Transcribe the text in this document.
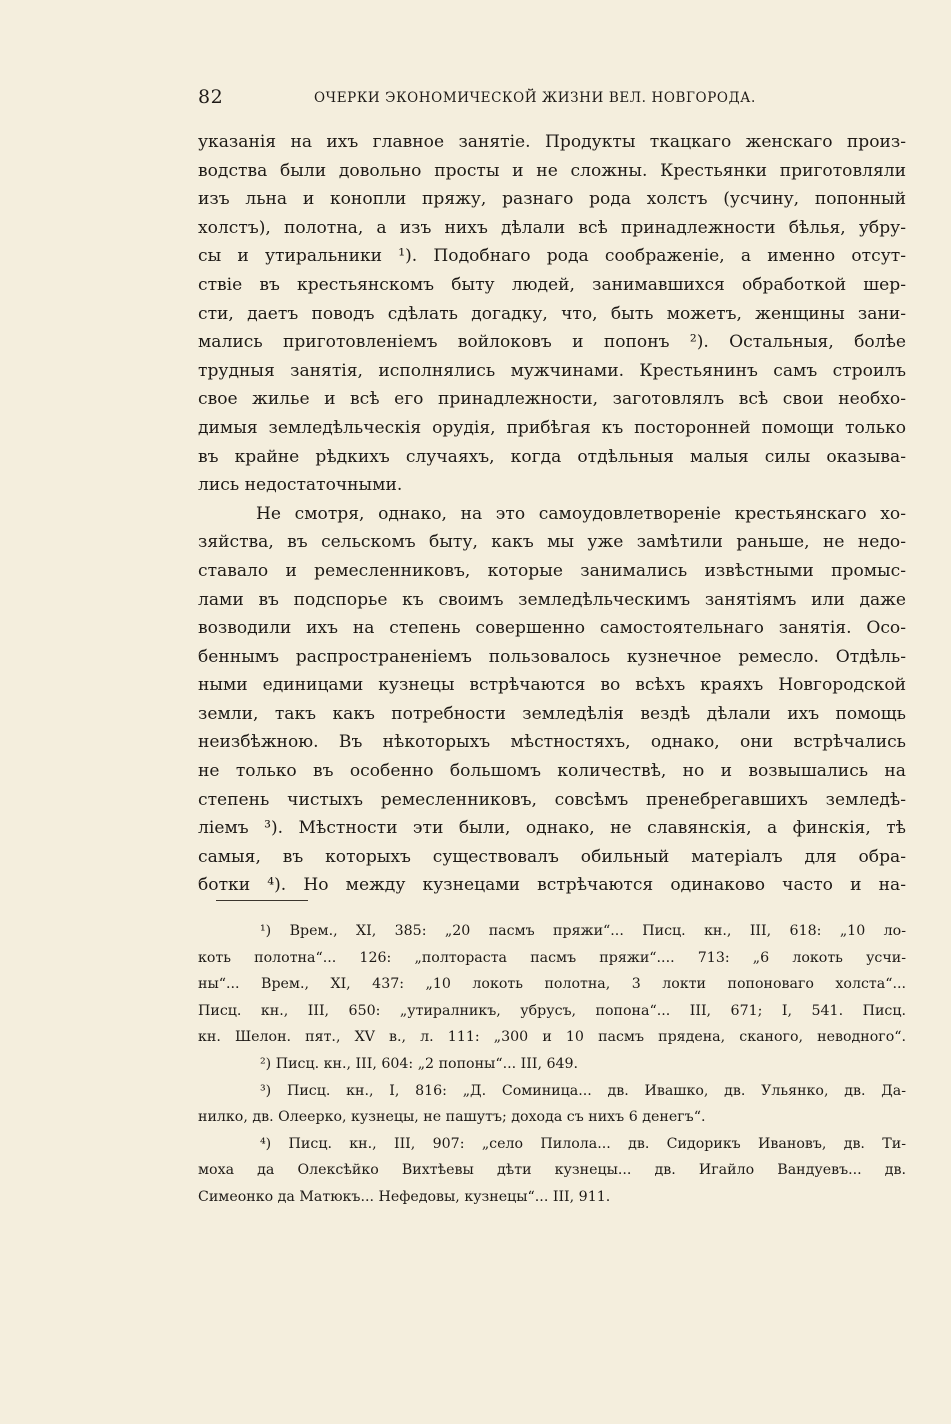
82	ОЧЕРКИ ЭКОНОМИЧЕСКОЙ ЖИЗНИ ВЕЛ. НОВГОРОДА.
указанія на ихъ главное занятіе. Продукты ткацкаго женскаго произ-
водства были довольно просты и не сложны. Крестьянки приготовляли
изъ льна и конопли пряжу, разнаго рода холстъ (усчину, попонный
холстъ), полотна, а изъ нихъ дѣлали всѣ принадлежности бѣлья, убру-
сы и утиральники ¹). Подобнаго рода соображеніе, а именно отсут-
ствіе въ крестьянскомъ быту людей, занимавшихся обработкой шер-
сти, даетъ поводъ сдѣлать догадку, что, быть можетъ, женщины зани-
мались приготовленіемъ войлоковъ и попонъ ²). Остальныя, болѣе
трудныя занятія, исполнялись мужчинами. Крестьянинъ самъ строилъ
свое жилье и всѣ его принадлежности, заготовлялъ всѣ свои необхо-
димыя земледѣльческія орудія, прибѣгая къ посторонней помощи только
въ крайне рѣдкихъ случаяхъ, когда отдѣльныя малыя силы оказыва-
лись недостаточными.
Не смотря, однако, на это самоудовлетвореніе крестьянскаго хо-
зяйства, въ сельскомъ быту, какъ мы уже замѣтили раньше, не недо-
ставало и ремесленниковъ, которые занимались извѣстными промыс-
лами въ подспорье къ своимъ земледѣльческимъ занятіямъ или даже
возводили ихъ на степень совершенно самостоятельнаго занятія. Осо-
беннымъ распространеніемъ пользовалось кузнечное ремесло. Отдѣль-
ными единицами кузнецы встрѣчаются во всѣхъ краяхъ Новгородской
земли, такъ какъ потребности земледѣлія вездѣ дѣлали ихъ помощь
неизбѣжною. Въ нѣкоторыхъ мѣстностяхъ, однако, они встрѣчались
не только въ особенно большомъ количествѣ, но и возвышались на
степень чистыхъ ремесленниковъ, совсѣмъ пренебрегавшихъ земледѣ-
ліемъ ³). Мѣстности эти были, однако, не славянскія, а финскія, тѣ
самыя, въ которыхъ существовалъ обильный матеріалъ для обра-
ботки ⁴). Но между кузнецами встрѣчаются одинаково часто и на-
¹) Врем., XI, 385: „20 пасмъ пряжи“... Писц. кн., III, 618: „10 ло-
коть полотна“... 126: „полтораста пасмъ пряжи“.... 713: „6 локоть усчи-
ны“... Врем., XI, 437: „10 локоть полотна, 3 локти попоноваго холста“...
Писц. кн., III, 650: „утиралникъ, убрусъ, попона“... III, 671; I, 541. Писц.
кн. Шелон. пят., XV в., л. 111: „300 и 10 пасмъ прядена, сканого, неводного“.
²) Писц. кн., III, 604: „2 попоны“... III, 649.
³) Писц. кн., I, 816: „Д. Соминица... дв. Ивашко, дв. Ульянко, дв. Да-
нилко, дв. Олеерко, кузнецы, не пашутъ; дохода съ нихъ 6 денегъ“.
⁴) Писц. кн., III, 907: „село Пилола... дв. Сидорикъ Ивановъ, дв. Ти-
моха да Олексѣйко Вихтѣевы дѣти кузнецы... дв. Игайло Вандуевъ... дв.
Симеонко да Матюкъ... Нефедовы, кузнецы“... III, 911.
